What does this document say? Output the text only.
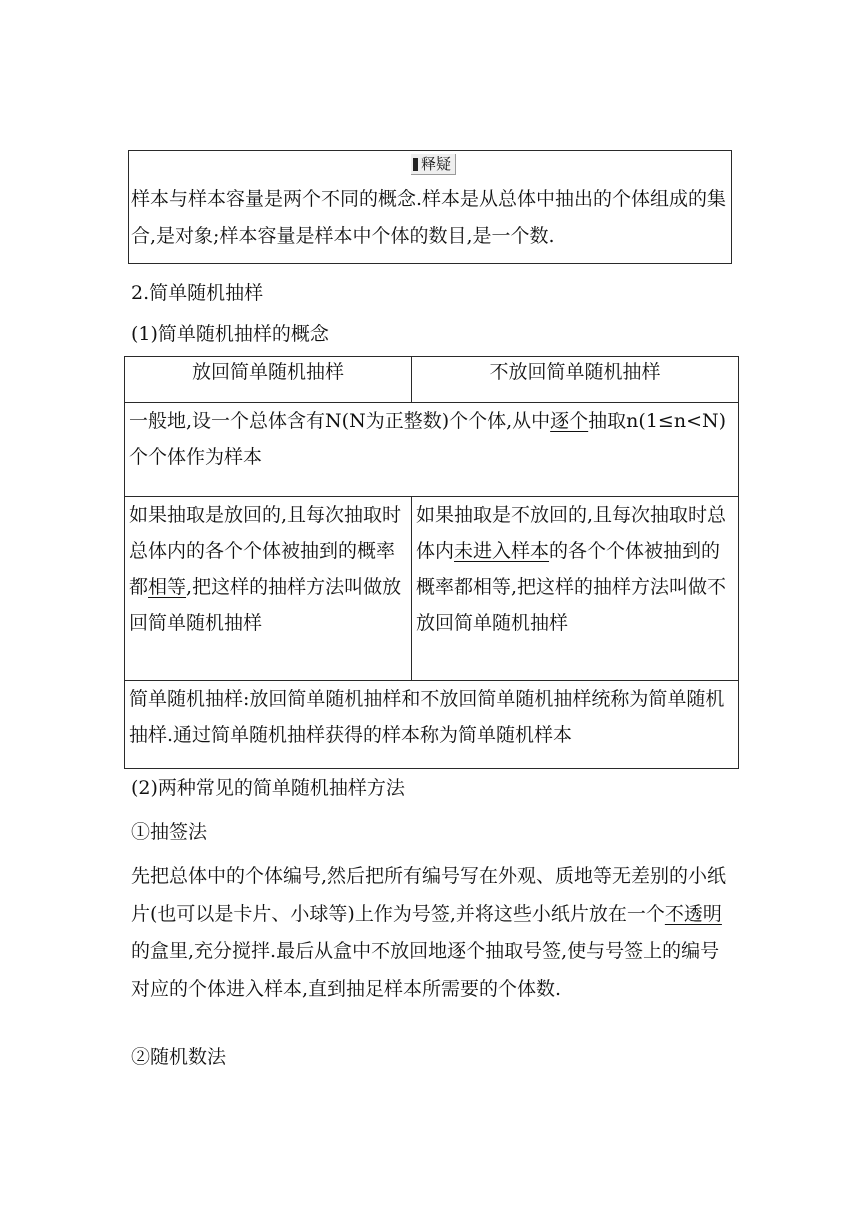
释疑
样本与样本容量是两个不同的概念.样本是从总体中抽出的个体组成的集合,是对象;样本容量是样本中个体的数目,是一个数.
2.简单随机抽样
(1)简单随机抽样的概念
放回简单随机抽样	不放回简单随机抽样
一般地,设一个总体含有N(N为正整数)个个体,从中逐个抽取n(1≤n<N)个个体作为样本	
如果抽取是放回的,且每次抽取时总体内的各个个体被抽到的概率都相等,把这样的抽样方法叫做放回简单随机抽样	如果抽取是不放回的,且每次抽取时总体内未进入样本的各个个体被抽到的概率都相等,把这样的抽样方法叫做不放回简单随机抽样
简单随机抽样:放回简单随机抽样和不放回简单随机抽样统称为简单随机抽样.通过简单随机抽样获得的样本称为简单随机样本	
(2)两种常见的简单随机抽样方法
①抽签法
先把总体中的个体编号,然后把所有编号写在外观、质地等无差别的小纸片(也可以是卡片、小球等)上作为号签,并将这些小纸片放在一个不透明的盒里,充分搅拌.最后从盒中不放回地逐个抽取号签,使与号签上的编号对应的个体进入样本,直到抽足样本所需要的个体数.
②随机数法
